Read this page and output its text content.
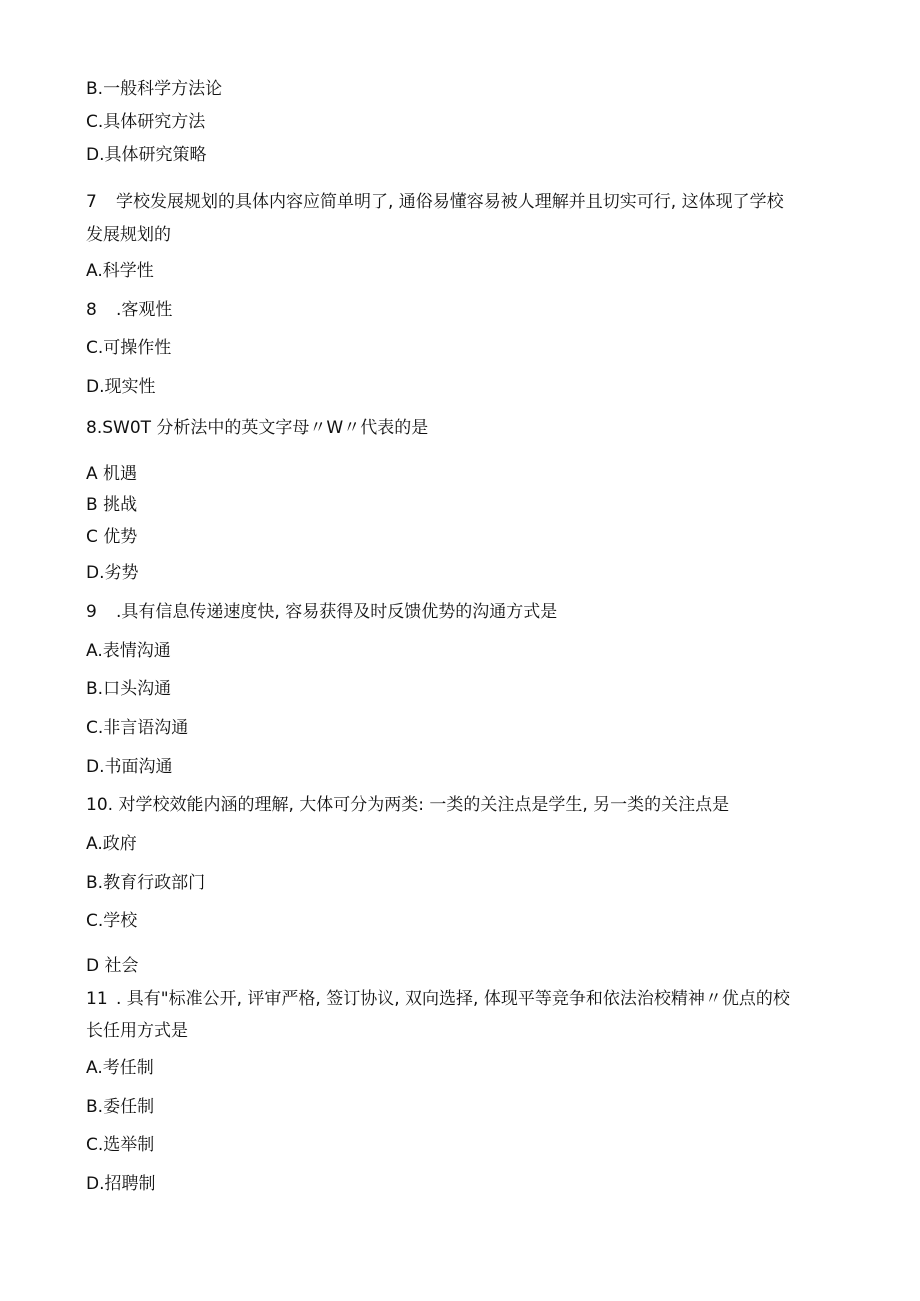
B.一般科学方法论
C.具体研究方法
D.具体研究策略
7 学校发展规划的具体内容应简单明了, 通俗易懂容易被人理解并且切实可行, 这体现了学校
发展规划的
A.科学性
8 .客观性
C.可操作性
D.现实性
8.SW0T 分析法中的英文字母〃W〃代表的是
A 机遇
B 挑战
C 优势
D.劣势
9 .具有信息传递速度快, 容易获得及时反馈优势的沟通方式是
A.表情沟通
B.口头沟通
C.非言语沟通
D.书面沟通
10. 对学校效能内涵的理解, 大体可分为两类: 一类的关注点是学生, 另一类的关注点是
A.政府
B.教育行政部门
C.学校
D 社会
11 . 具有"标准公开, 评审严格, 签订协议, 双向选择, 体现平等竞争和依法治校精神〃优点的校
长任用方式是
A.考任制
B.委任制
C.选举制
D.招聘制
